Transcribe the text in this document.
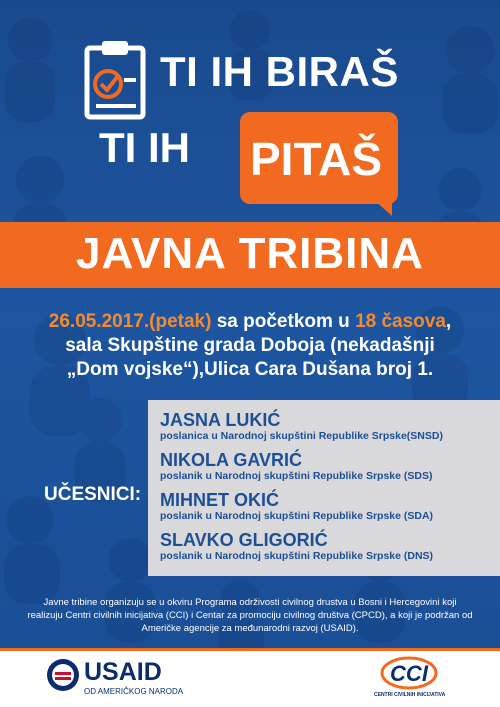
TI IH BIRAŠ
TI IH PITAŠ
JAVNA TRIBINA
26.05.2017.(petak) sa početkom u 18 časova,
sala Skupštine grada Doboja (nekadašnji
„Dom vojske“),Ulica Cara Dušana broj 1.
UČESNICI:
JASNA LUKIĆ
poslanica u Narodnoj skupštini Republike Srpske(SNSD)
NIKOLA GAVRIĆ
poslanik u Narodnoj skupštini Republike Srpske (SDS)
MIHNET OKIĆ
poslanik u Narodnoj skupštini Republike Srpske (SDA)
SLAVKO GLIGORIĆ
poslanik u Narodnoj skupštini Republike Srpske (DNS)
Javne tribine organizuju se u okviru Programa održivosti civilnog drustva u Bosni i Hercegovini koji
realizuju Centri civilnih inicijativa (CCI) i Centar za promociju civilnog društva (CPCD), a koji je podržan od
Američke agencije za međunarodni razvoj (USAID).
USAID
OD AMERIČKOG NARODA
CCI
CENTRI CIVILNIH INICIJATIVA
